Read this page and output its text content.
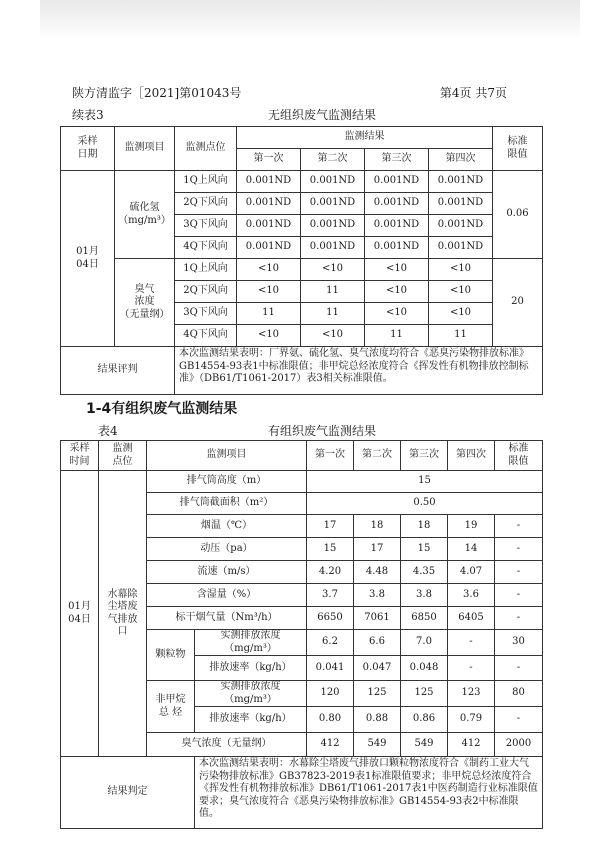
陕方清监字［2021]第01043号	第4页 共7页
续表3	无组织废气监测结果
采样
日期	监测项目	监测点位	监测结果				标准
限值
			第一次	第二次	第三次	第四次	
01月
04日	硫化氢
（mg/m³）	1Q上风向	0.001ND	0.001ND	0.001ND	0.001ND	0.06
		2Q下风向	0.001ND	0.001ND	0.001ND	0.001ND	
		3Q下风向	0.001ND	0.001ND	0.001ND	0.001ND	
		4Q下风向	0.001ND	0.001ND	0.001ND	0.001ND	
	臭气
浓度
（无量纲）	1Q上风向	<10	<10	<10	<10	20
		2Q下风向	<10	11	<10	<10	
		3Q下风向	11	11	<10	<10	
		4Q下风向	<10	<10	11	11	
结果评判		本次监测结果表明：厂界氨、硫化氢、臭气浓度均符合《恶臭污染物排放标准》GB14554-93表1中标准限值；非甲烷总烃浓度符合《挥发性有机物排放控制标准》（DB61/T1061-2017）表3相关标准限值。					
1-4有组织废气监测结果
表4	有组织废气监测结果
采样
时间	监测
点位	监测项目		第一次	第二次	第三次	第四次	标准
限值
01月
04日	水幕除
尘塔废
气排放
口	排气筒高度（m）		15				
		排气筒截面积（m²）		0.50				
		烟温（℃）		17	18	18	19	-
		动压（pa）		15	17	15	14	-
		流速（m/s）		4.20	4.48	4.35	4.07	-
		含湿量（%）		3.7	3.8	3.8	3.6	-
		标干烟气量（Nm³/h）		6650	7061	6850	6405	-
		颗粒物	实测排放浓度（mg/m³）	6.2	6.6	7.0	-	30
			排放速率（kg/h）	0.041	0.047	0.048	-	-
		非甲烷
总 烃	实测排放浓度（mg/m³）	120	125	125	123	80
			排放速率（kg/h）	0.80	0.88	0.86	0.79	-
		臭气浓度（无量纲）		412	549	549	412	2000
结果判定			本次监测结果表明：水幕除尘塔废气排放口颗粒物浓度符合《制药工业大气污染物排放标准》GB37823-2019表1标准限值要求；非甲烷总烃浓度符合《挥发性有机物排放标准》DB61/T1061-2017表1中医药制造行业标准限值要求；臭气浓度符合《恶臭污染物排放标准》GB14554-93表2中标准限值。					
